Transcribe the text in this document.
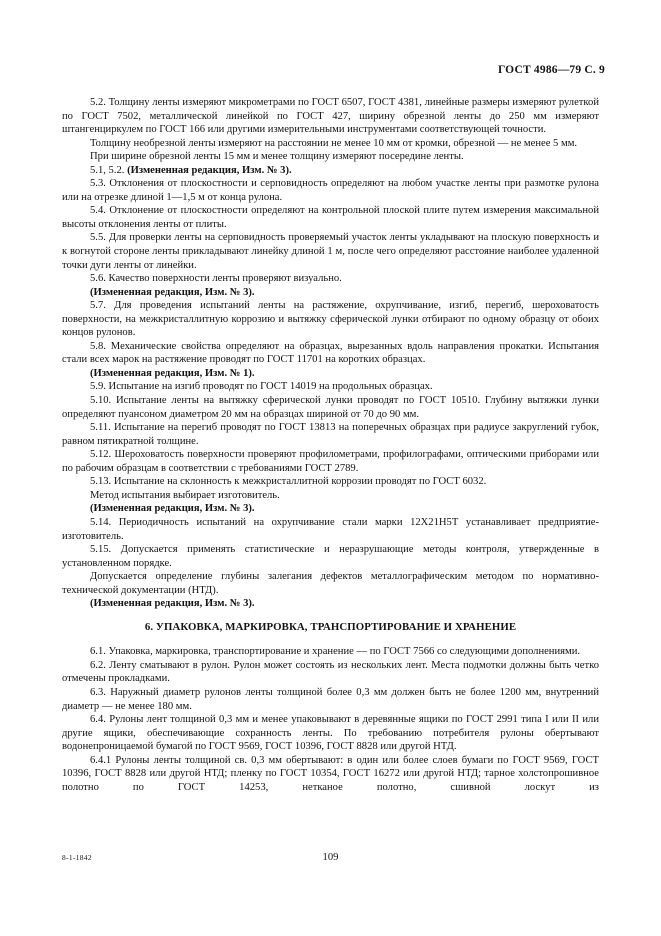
ГОСТ 4986—79 С. 9

5.2. Толщину ленты измеряют микрометрами по ГОСТ 6507, ГОСТ 4381, линейные размеры измеряют рулеткой по ГОСТ 7502, металлической линейкой по ГОСТ 427, ширину обрезной ленты до 250 мм измеряют штангенциркулем по ГОСТ 166 или другими измерительными инструментами соответствующей точности.

Толщину необрезной ленты измеряют на расстоянии не менее 10 мм от кромки, обрезной — не менее 5 мм.

При ширине обрезной ленты 15 мм и менее толщину измеряют посередине ленты.

5.1, 5.2. (Измененная редакция, Изм. № 3).

5.3. Отклонения от плоскостности и серповидность определяют на любом участке ленты при размотке рулона или на отрезке длиной 1—1,5 м от конца рулона.

5.4. Отклонение от плоскостности определяют на контрольной плоской плите путем измерения максимальной высоты отклонения ленты от плиты.

5.5. Для проверки ленты на серповидность проверяемый участок ленты укладывают на плоскую поверхность и к вогнутой стороне ленты прикладывают линейку длиной 1 м, после чего определяют расстояние наиболее удаленной точки дуги ленты от линейки.

5.6. Качество поверхности ленты проверяют визуально.

(Измененная редакция, Изм. № 3).

5.7. Для проведения испытаний ленты на растяжение, охрупчивание, изгиб, перегиб, шероховатость поверхности, на межкристаллитную коррозию и вытяжку сферической лунки отбирают по одному образцу от обоих концов рулонов.

5.8. Механические свойства определяют на образцах, вырезанных вдоль направления прокатки. Испытания стали всех марок на растяжение проводят по ГОСТ 11701 на коротких образцах.

(Измененная редакция, Изм. № 1).

5.9. Испытание на изгиб проводят по ГОСТ 14019 на продольных образцах.

5.10. Испытание ленты на вытяжку сферической лунки проводят по ГОСТ 10510. Глубину вытяжки лунки определяют пуансоном диаметром 20 мм на образцах шириной от 70 до 90 мм.

5.11. Испытание на перегиб проводят по ГОСТ 13813 на поперечных образцах при радиусе закруглений губок, равном пятикратной толщине.

5.12. Шероховатость поверхности проверяют профилометрами, профилографами, оптическими приборами или по рабочим образцам в соответствии с требованиями ГОСТ 2789.

5.13. Испытание на склонность к межкристаллитной коррозии проводят по ГОСТ 6032.

Метод испытания выбирает изготовитель.

(Измененная редакция, Изм. № 3).

5.14. Периодичность испытаний на охрупчивание стали марки 12Х21Н5Т устанавливает предприятие-изготовитель.

5.15. Допускается применять статистические и неразрушающие методы контроля, утвержденные в установленном порядке.

Допускается определение глубины залегания дефектов металлографическим методом по нормативно-технической документации (НТД).

(Измененная редакция, Изм. № 3).

6. УПАКОВКА, МАРКИРОВКА, ТРАНСПОРТИРОВАНИЕ И ХРАНЕНИЕ

6.1. Упаковка, маркировка, транспортирование и хранение — по ГОСТ 7566 со следующими дополнениями.

6.2. Ленту сматывают в рулон. Рулон может состоять из нескольких лент. Места подмотки должны быть четко отмечены прокладками.

6.3. Наружный диаметр рулонов ленты толщиной более 0,3 мм должен быть не более 1200 мм, внутренний диаметр — не менее 180 мм.

6.4. Рулоны лент толщиной 0,3 мм и менее упаковывают в деревянные ящики по ГОСТ 2991 типа I или II или другие ящики, обеспечивающие сохранность ленты. По требованию потребителя рулоны обертывают водонепроницаемой бумагой по ГОСТ 9569, ГОСТ 10396, ГОСТ 8828 или другой НТД.

6.4.1 Рулоны ленты толщиной св. 0,3 мм обертывают: в один или более слоев бумаги по ГОСТ 9569, ГОСТ 10396, ГОСТ 8828 или другой НТД; пленку по ГОСТ 10354, ГОСТ 16272 или другой НТД; тарное холстопрошивное полотно по ГОСТ 14253, нетканое полотно, сшивной лоскут из

8-1-1842	109
